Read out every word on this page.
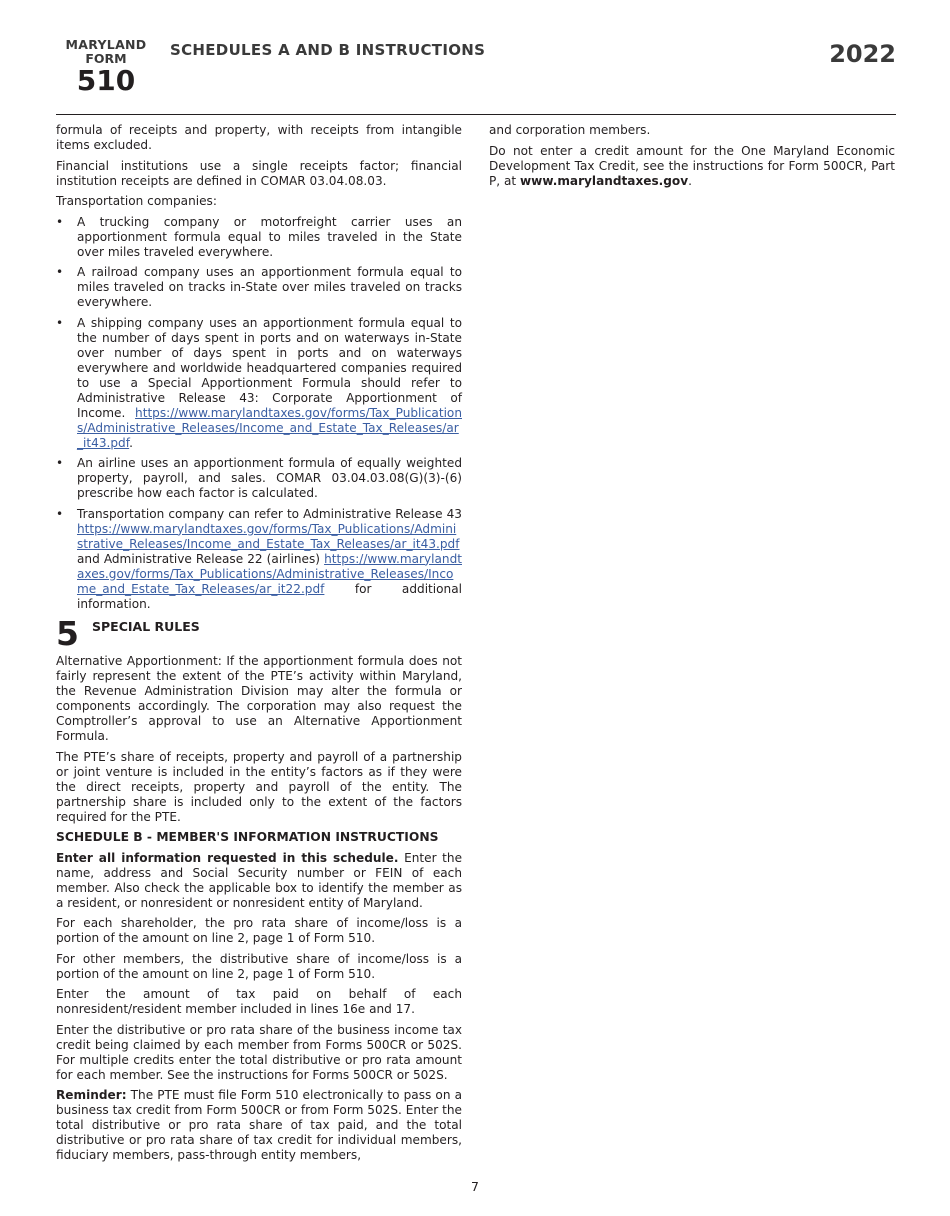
MARYLAND
FORM
510
SCHEDULES A AND B INSTRUCTIONS	2022

formula of receipts and property, with receipts from intangible items excluded.

Financial institutions use a single receipts factor; financial institution receipts are defined in COMAR 03.04.08.03.

Transportation companies:

• A trucking company or motorfreight carrier uses an apportionment formula equal to miles traveled in the State over miles traveled everywhere.
• A railroad company uses an apportionment formula equal to miles traveled on tracks in-State over miles traveled on tracks everywhere.
• A shipping company uses an apportionment formula equal to the number of days spent in ports and on waterways in-State over number of days spent in ports and on waterways everywhere and worldwide headquartered companies required to use a Special Apportionment Formula should refer to Administrative Release 43: Corporate Apportionment of Income. https://www.marylandtaxes.gov/forms/Tax_Publications/Administrative_Releases/Income_and_Estate_Tax_Releases/ar_it43.pdf.
• An airline uses an apportionment formula of equally weighted property, payroll, and sales. COMAR 03.04.03.08(G)(3)-(6) prescribe how each factor is calculated.
• Transportation company can refer to Administrative Release 43 https://www.marylandtaxes.gov/forms/Tax_Publications/Administrative_Releases/Income_and_Estate_Tax_Releases/ar_it43.pdf and Administrative Release 22 (airlines) https://www.marylandtaxes.gov/forms/Tax_Publications/Administrative_Releases/Income_and_Estate_Tax_Releases/ar_it22.pdf for additional information.
5	SPECIAL RULES

Alternative Apportionment: If the apportionment formula does not fairly represent the extent of the PTE’s activity within Maryland, the Revenue Administration Division may alter the formula or components accordingly. The corporation may also request the Comptroller’s approval to use an Alternative Apportionment Formula.

The PTE’s share of receipts, property and payroll of a partnership or joint venture is included in the entity’s factors as if they were the direct receipts, property and payroll of the entity. The partnership share is included only to the extent of the factors required for the PTE.

SCHEDULE B - MEMBER'S INFORMATION INSTRUCTIONS

Enter all information requested in this schedule. Enter the name, address and Social Security number or FEIN of each member. Also check the applicable box to identify the member as a resident, or nonresident or nonresident entity of Maryland.

For each shareholder, the pro rata share of income/loss is a portion of the amount on line 2, page 1 of Form 510.

For other members, the distributive share of income/loss is a portion of the amount on line 2, page 1 of Form 510.

Enter the amount of tax paid on behalf of each nonresident/resident member included in lines 16e and 17.

Enter the distributive or pro rata share of the business income tax credit being claimed by each member from Forms 500CR or 502S. For multiple credits enter the total distributive or pro rata amount for each member. See the instructions for Forms 500CR or 502S.

Reminder: The PTE must file Form 510 electronically to pass on a business tax credit from Form 500CR or from Form 502S. Enter the total distributive or pro rata share of tax paid, and the total distributive or pro rata share of tax credit for individual members, fiduciary members, pass-through entity members,

and corporation members.

Do not enter a credit amount for the One Maryland Economic Development Tax Credit, see the instructions for Form 500CR, Part P, at www.marylandtaxes.gov.

7
